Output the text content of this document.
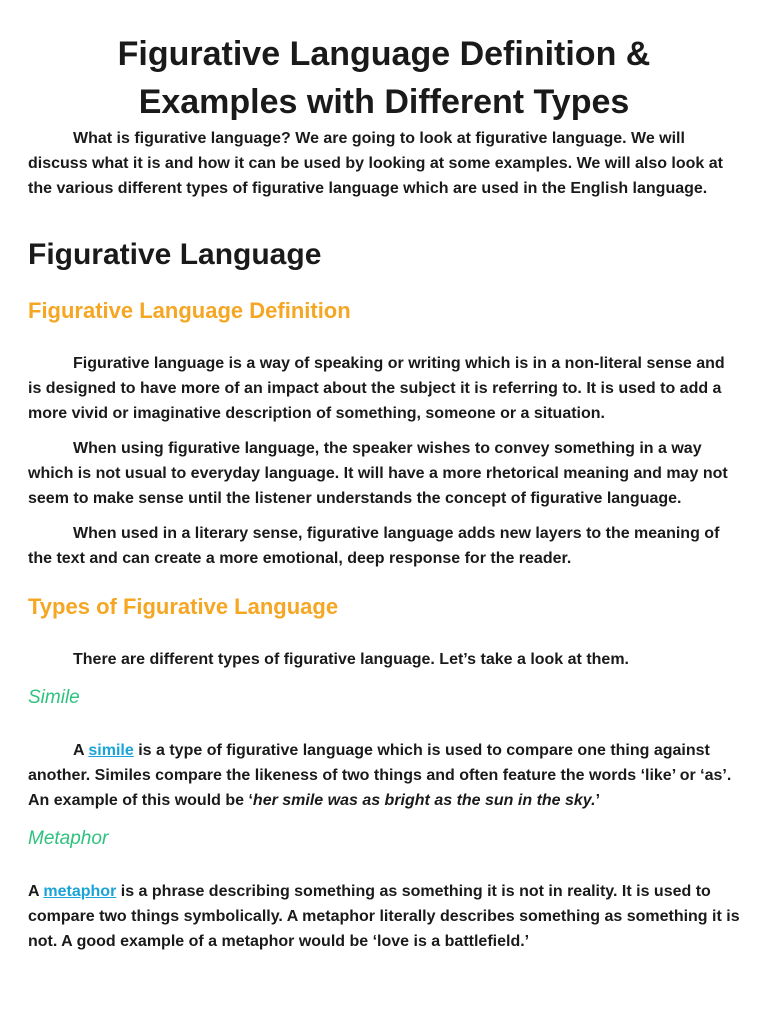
Figurative Language Definition &
Examples with Different Types

What is figurative language? We are going to look at figurative language. We will discuss what it is and how it can be used by looking at some examples. We will also look at the various different types of figurative language which are used in the English language.

Figurative Language
Figurative Language Definition

Figurative language is a way of speaking or writing which is in a non-literal sense and is designed to have more of an impact about the subject it is referring to. It is used to add a more vivid or imaginative description of something, someone or a situation.

When using figurative language, the speaker wishes to convey something in a way which is not usual to everyday language. It will have a more rhetorical meaning and may not seem to make sense until the listener understands the concept of figurative language.

When used in a literary sense, figurative language adds new layers to the meaning of the text and can create a more emotional, deep response for the reader.

Types of Figurative Language

There are different types of figurative language. Let’s take a look at them.

Simile

A simile is a type of figurative language which is used to compare one thing against another. Similes compare the likeness of two things and often feature the words ‘like’ or ‘as’. An example of this would be ‘her smile was as bright as the sun in the sky.’

Metaphor

A metaphor is a phrase describing something as something it is not in reality. It is used to compare two things symbolically. A metaphor literally describes something as something it is not. A good example of a metaphor would be ‘love is a battlefield.’
